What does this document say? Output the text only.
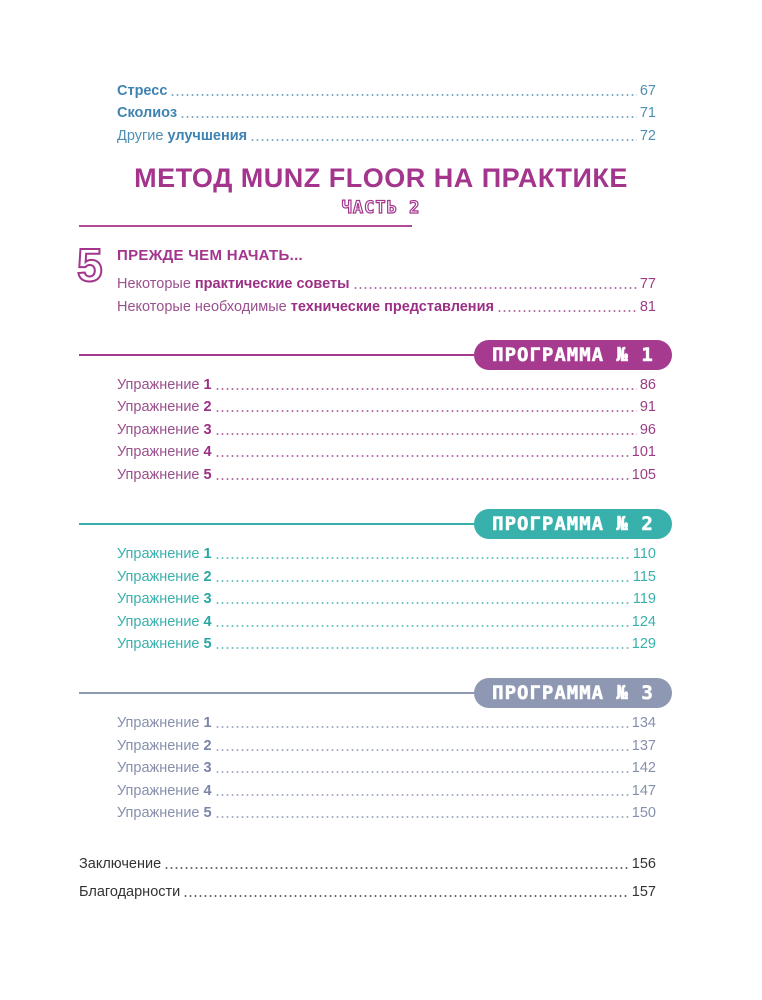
Стресс	67
Сколиоз	71
Другие улучшения	72
МЕТОД MUNZ FLOOR НА ПРАКТИКЕ
ЧАСТЬ 2
5 ПРЕЖДЕ ЧЕМ НАЧАТЬ...
Некоторые практические советы	77
Некоторые необходимые технические представления	81
ПРОГРАММА № 1
Упражнение 1	86
Упражнение 2	91
Упражнение 3	96
Упражнение 4	101
Упражнение 5	105
ПРОГРАММА № 2
Упражнение 1	110
Упражнение 2	115
Упражнение 3	119
Упражнение 4	124
Упражнение 5	129
ПРОГРАММА № 3
Упражнение 1	134
Упражнение 2	137
Упражнение 3	142
Упражнение 4	147
Упражнение 5	150
Заключение	156
Благодарности	157
